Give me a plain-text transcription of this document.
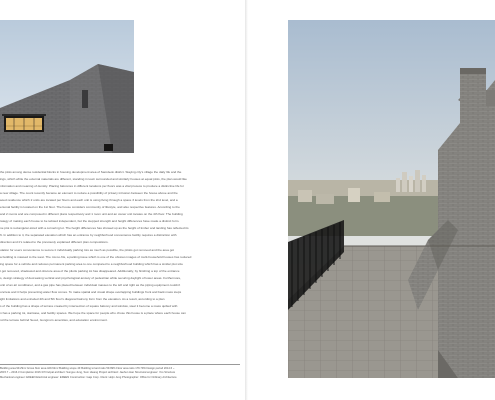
the plots among dense residential blocks in housing development area of Samdeok district. Staying city's village the daily life and the

ings, which while the external materials are different, standing in town surrounded and similarly houses at equal plots, the plan would like

nformation and meaning of density. Placing balconies in different locations per floors was a vital process to produce a distinctive life for

a new village. The count recently became an element to reduce a possibility of privacy intrusion between the house above and the

aced residence which 2 units are located per floors and each unit is using living through a space 3 levels from the 2nd level, and a

ersonal facility is located on the 1st floor. The house considers community of lifestyle, and also respective features. According to the

and 2 rooms and are composed in different plans respectively and 1 room unit and an owner unit locates on the 4th floor. The building

rategy of making each house to be twisted independent, but the stepped strength and height differences have made a distinct form.

ne plot is rectangular-sized with a cornering lot. The height differences has showed up as the height of timber and landing has reflected its

ft. In addition to it, the separated elevation which has an entrance by neighborhood convenience facility requires a distinction with

direction and it's related to the previously explained different plan compositions.

ulation for users convenience to secure it individually parking lots as much as possible, the pilotis got removed and the area got

a building is massed to the west. The mix-to-fits, a parking issue which is one of the obvious images of multi-household houses has reduced

ing space for a vehicle and reduces permanent parking area to one compared to a neighborhood building which has a similar plot size

t got removed, shadowed and obscure area of the pilotis parking lot has disappeared. Additionally, by finishing a top of the entrance

s, design strategy of decreasing vertical and psychological anxiety of pedestrian while securing daylight of lower areas. Furthermore,

unit of an air conditioner, and a gas pipe has placed between individual masses to the left and right as the piping equipment couldn't

oncrete and it helps preventing water flow comes. To make spatial and visual shape overlapping buildings front and back mass steps

ight limitations and extruded 4th and 5th floor's diagonal balcony form from the elevation. As a result, according to a plan

s of the building has a shape of terrace created by intersection of square balcony and window, steel it become a mass quilted with

n has a parking lot, staircase, and facility spaces. We hope the space for people who chose this house is a place where each house can

nd the terrace behind Seoul, Gongmo's amenities, and education environment.

Building area 99.29m² Gross floor area 429.62m² Building scope 4F Building to land ratio 59.99% Floor area ratio 179.79% Design period 2014.6 ~

2015.7 ~ 2016.3 Completion 2016.3 Principal architect: Sungsu Jung, Sum Hwang Project architect: Jaehun Han Structural engineer: Yoo Structure

Mechanical engineer: EDEEN Electrical engineer: EDEEN Construction: Gaje Corp. Client: Hojin Jung Photographer: Office for Ordinary Architecture
